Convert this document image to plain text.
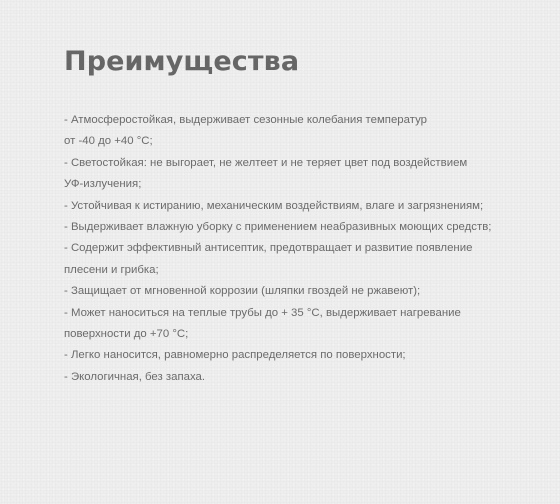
Преимущества
- Атмосферостойкая, выдерживает сезонные колебания температур
от -40 до +40 °С;
- Светостойкая: не выгорает, не желтеет и не теряет цвет под воздействием
УФ-излучения;
- Устойчивая к истиранию, механическим воздействиям, влаге и загрязнениям;
- Выдерживает влажную уборку с применением неабразивных моющих средств;
- Содержит эффективный антисептик, предотвращает и развитие появление
плесени и грибка;
- Защищает от мгновенной коррозии (шляпки гвоздей не ржавеют);
- Может наноситься на теплые трубы до + 35 °С, выдерживает нагревание
поверхности до +70 °С;
- Легко наносится, равномерно распределяется по поверхности;
- Экологичная, без запаха.
